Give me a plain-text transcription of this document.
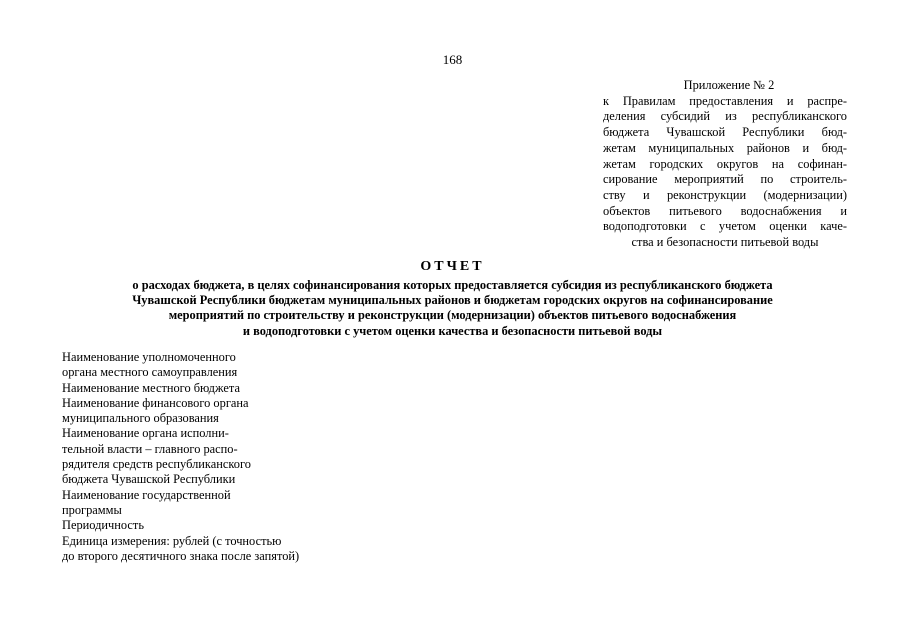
168
Приложение № 2
к Правилам предоставления и распре-
деления субсидий из республиканского
бюджета Чувашской Республики бюд-
жетам муниципальных районов и бюд-
жетам городских округов на софинан-
сирование мероприятий по строитель-
ству и реконструкции (модернизации)
объектов питьевого водоснабжения и
водоподготовки с учетом оценки каче-
ства и безопасности питьевой воды
ОТЧЕТ
о расходах бюджета, в целях софинансирования которых предоставляется субсидия из республиканского бюджета
Чувашской Республики бюджетам муниципальных районов и бюджетам городских округов на софинансирование
мероприятий по строительству и реконструкции (модернизации) объектов питьевого водоснабжения
и водоподготовки с учетом оценки качества и безопасности питьевой воды
Наименование уполномоченного
органа местного самоуправления
Наименование местного бюджета
Наименование финансового органа
муниципального образования
Наименование органа исполни-
тельной власти – главного распо-
рядителя средств республиканского
бюджета Чувашской Республики
Наименование государственной
программы
Периодичность
Единица измерения: рублей (с точностью
до второго десятичного знака после запятой)
